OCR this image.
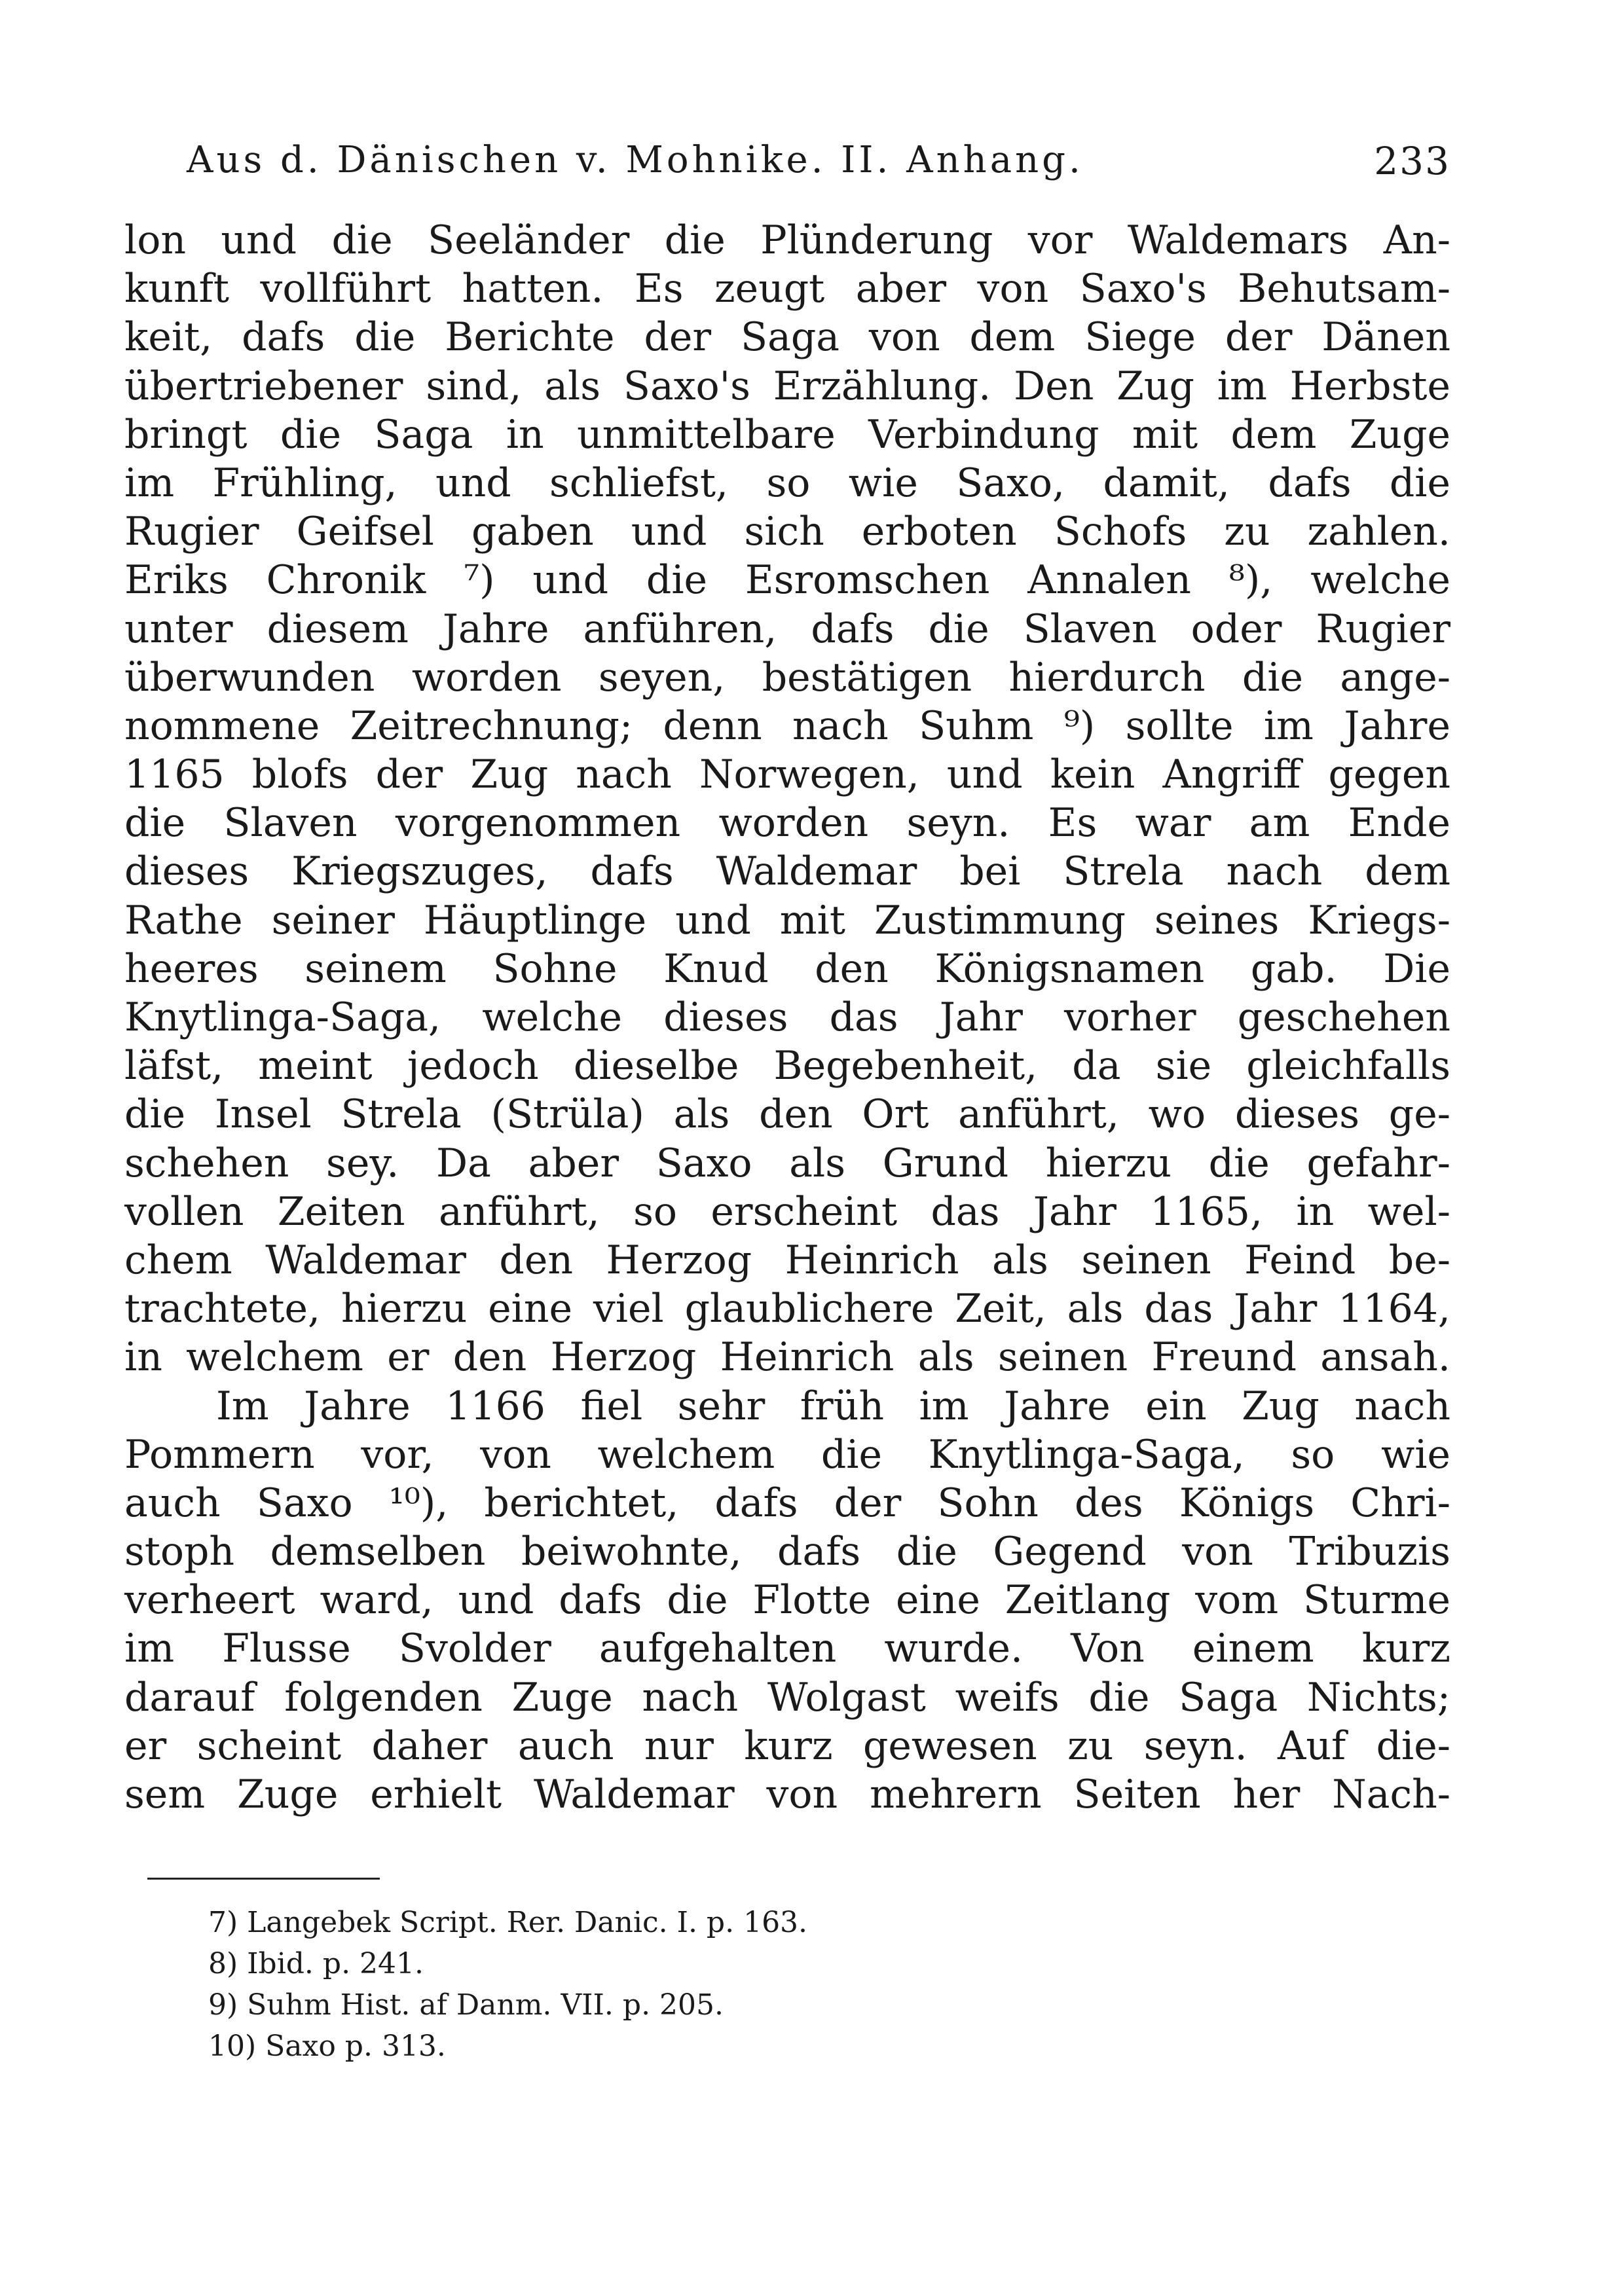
Aus d. Dänischen v. Mohnike. II. Anhang.	233
lon und die Seeländer die Plünderung vor Waldemars An-
kunft vollführt hatten. Es zeugt aber von Saxo's Behutsam-
keit, dafs die Berichte der Saga von dem Siege der Dänen
übertriebener sind, als Saxo's Erzählung. Den Zug im Herbste
bringt die Saga in unmittelbare Verbindung mit dem Zuge
im Frühling, und schliefst, so wie Saxo, damit, dafs die
Rugier Geifsel gaben und sich erboten Schofs zu zahlen.
Eriks Chronik ⁷) und die Esromschen Annalen ⁸), welche
unter diesem Jahre anführen, dafs die Slaven oder Rugier
überwunden worden seyen, bestätigen hierdurch die ange-
nommene Zeitrechnung; denn nach Suhm ⁹) sollte im Jahre
1165 blofs der Zug nach Norwegen, und kein Angriff gegen
die Slaven vorgenommen worden seyn. Es war am Ende
dieses Kriegszuges, dafs Waldemar bei Strela nach dem
Rathe seiner Häuptlinge und mit Zustimmung seines Kriegs-
heeres seinem Sohne Knud den Königsnamen gab. Die
Knytlinga-Saga, welche dieses das Jahr vorher geschehen
läfst, meint jedoch dieselbe Begebenheit, da sie gleichfalls
die Insel Strela (Strüla) als den Ort anführt, wo dieses ge-
schehen sey. Da aber Saxo als Grund hierzu die gefahr-
vollen Zeiten anführt, so erscheint das Jahr 1165, in wel-
chem Waldemar den Herzog Heinrich als seinen Feind be-
trachtete, hierzu eine viel glaublichere Zeit, als das Jahr 1164,
in welchem er den Herzog Heinrich als seinen Freund ansah.
Im Jahre 1166 fiel sehr früh im Jahre ein Zug nach
Pommern vor, von welchem die Knytlinga-Saga, so wie
auch Saxo ¹⁰), berichtet, dafs der Sohn des Königs Chri-
stoph demselben beiwohnte, dafs die Gegend von Tribuzis
verheert ward, und dafs die Flotte eine Zeitlang vom Sturme
im Flusse Svolder aufgehalten wurde. Von einem kurz
darauf folgenden Zuge nach Wolgast weifs die Saga Nichts;
er scheint daher auch nur kurz gewesen zu seyn. Auf die-
sem Zuge erhielt Waldemar von mehrern Seiten her Nach-
7) Langebek Script. Rer. Danic. I. p. 163.
8) Ibid. p. 241.
9) Suhm Hist. af Danm. VII. p. 205.
10) Saxo p. 313.
